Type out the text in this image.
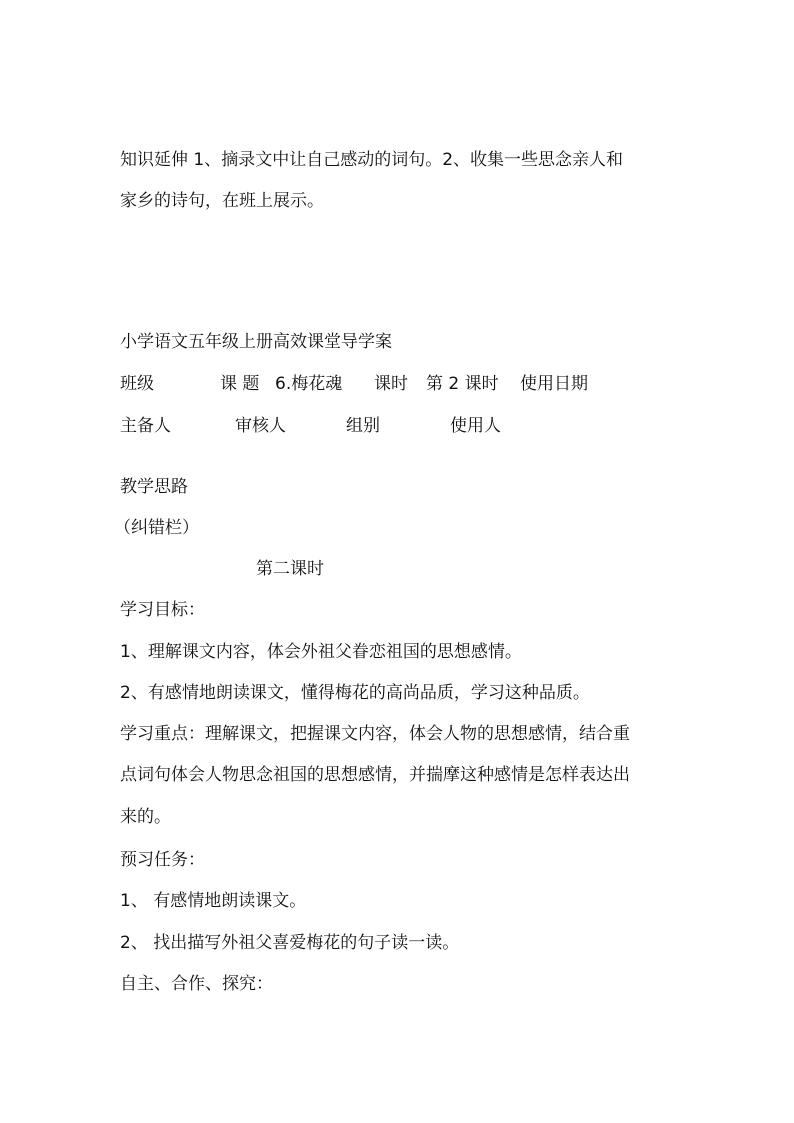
知识延伸 1、摘录文中让自己感动的词句。2、收集一些思念亲人和
家乡的诗句，在班上展示。
小学语文五年级上册高效课堂导学案
班级	课 题 6.梅花魂 课时 第 2 课时 使用日期
主备人	审核人	组别	使用人
教学思路
（纠错栏）
第二课时
学习目标：
1、理解课文内容，体会外祖父眷恋祖国的思想感情。
2、有感情地朗读课文，懂得梅花的高尚品质，学习这种品质。
学习重点：理解课文，把握课文内容，体会人物的思想感情，结合重
点词句体会人物思念祖国的思想感情，并揣摩这种感情是怎样表达出
来的。
预习任务：
1、 有感情地朗读课文。
2、 找出描写外祖父喜爱梅花的句子读一读。
自主、合作、探究：
